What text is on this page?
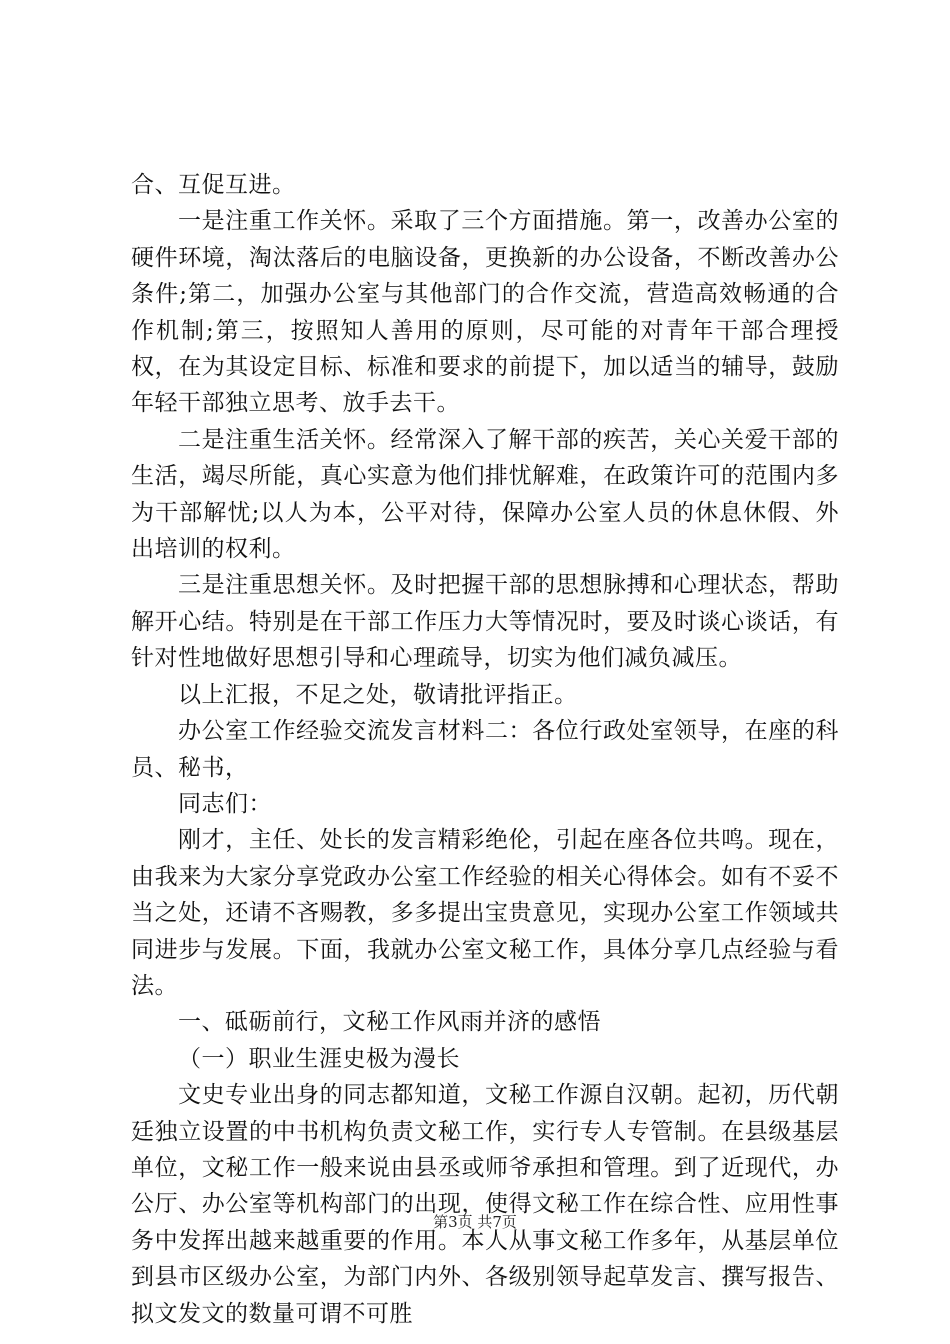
合、互促互进。

一是注重工作关怀。采取了三个方面措施。第一，改善办公室的硬件环境，淘汰落后的电脑设备，更换新的办公设备，不断改善办公条件;第二，加强办公室与其他部门的合作交流，营造高效畅通的合作机制;第三，按照知人善用的原则，尽可能的对青年干部合理授权，在为其设定目标、标准和要求的前提下，加以适当的辅导，鼓励年轻干部独立思考、放手去干。

二是注重生活关怀。经常深入了解干部的疾苦，关心关爱干部的生活，竭尽所能，真心实意为他们排忧解难，在政策许可的范围内多为干部解忧;以人为本，公平对待，保障办公室人员的休息休假、外出培训的权利。

三是注重思想关怀。及时把握干部的思想脉搏和心理状态，帮助解开心结。特别是在干部工作压力大等情况时，要及时谈心谈话，有针对性地做好思想引导和心理疏导，切实为他们减负减压。

以上汇报，不足之处，敬请批评指正。

办公室工作经验交流发言材料二：各位行政处室领导，在座的科员、秘书，

同志们：

刚才，主任、处长的发言精彩绝伦，引起在座各位共鸣。现在，由我来为大家分享党政办公室工作经验的相关心得体会。如有不妥不当之处，还请不吝赐教，多多提出宝贵意见，实现办公室工作领域共同进步与发展。下面，我就办公室文秘工作，具体分享几点经验与看法。

一、砥砺前行，文秘工作风雨并济的感悟

（一）职业生涯史极为漫长

文史专业出身的同志都知道，文秘工作源自汉朝。起初，历代朝廷独立设置的中书机构负责文秘工作，实行专人专管制。在县级基层单位，文秘工作一般来说由县丞或师爷承担和管理。到了近现代，办公厅、办公室等机构部门的出现，使得文秘工作在综合性、应用性事务中发挥出越来越重要的作用。本人从事文秘工作多年，从基层单位到县市区级办公室，为部门内外、各级别领导起草发言、撰写报告、拟文发文的数量可谓不可胜

第3页 共7页
